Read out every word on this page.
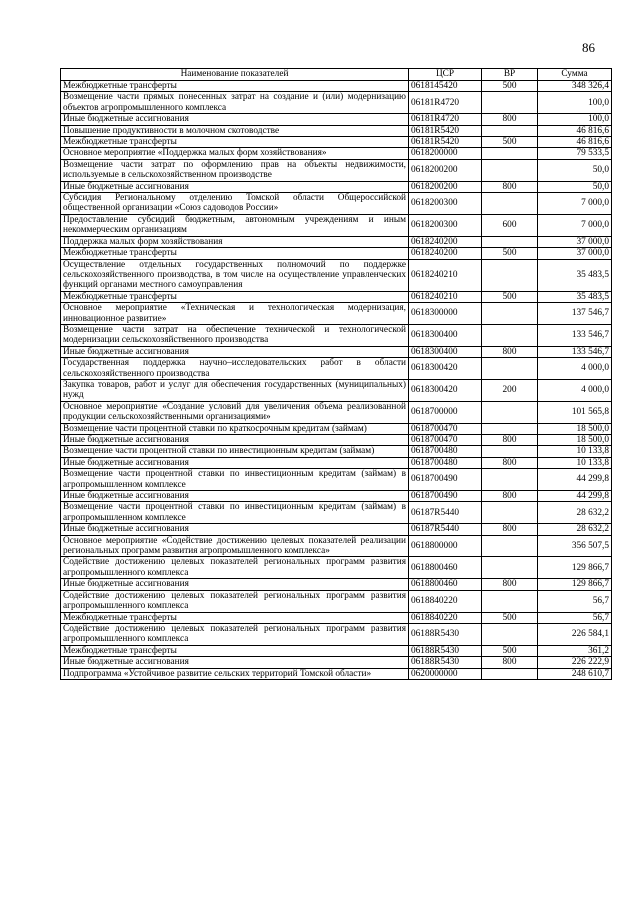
86
Наименование показателей	ЦСР	ВР	Сумма
Межбюджетные трансферты	0618145420	500	348 326,4
Возмещение части прямых понесенных затрат на создание и (или) модернизацию объектов агропромышленного комплекса	06181R4720		100,0
Иные бюджетные ассигнования	06181R4720	800	100,0
Повышение продуктивности в молочном скотоводстве	06181R5420		46 816,6
Межбюджетные трансферты	06181R5420	500	46 816,6
Основное мероприятие «Поддержка малых форм хозяйствования»	0618200000		79 533,5
Возмещение части затрат по оформлению прав на объекты недвижимости, используемые в сельскохозяйственном производстве	0618200200		50,0
Иные бюджетные ассигнования	0618200200	800	50,0
Субсидия Региональному отделению Томской области Общероссийской общественной организации «Союз садоводов России»	0618200300		7 000,0
Предоставление субсидий бюджетным, автономным учреждениям и иным некоммерческим организациям	0618200300	600	7 000,0
Поддержка малых форм хозяйствования	0618240200		37 000,0
Межбюджетные трансферты	0618240200	500	37 000,0
Осуществление отдельных государственных полномочий по поддержке сельскохозяйственного производства, в том числе на осуществление управленческих функций органами местного самоуправления	0618240210		35 483,5
Межбюджетные трансферты	0618240210	500	35 483,5
Основное мероприятие «Техническая и технологическая модернизация, инновационное развитие»	0618300000		137 546,7
Возмещение части затрат на обеспечение технической и технологической модернизации сельскохозяйственного производства	0618300400		133 546,7
Иные бюджетные ассигнования	0618300400	800	133 546,7
Государственная поддержка научно–исследовательских работ в области сельскохозяйственного производства	0618300420		4 000,0
Закупка товаров, работ и услуг для обеспечения государственных (муниципальных) нужд	0618300420	200	4 000,0
Основное мероприятие «Создание условий для увеличения объема реализованной продукции сельскохозяйственными организациями»	0618700000		101 565,8
Возмещение части процентной ставки по краткосрочным кредитам (займам)	0618700470		18 500,0
Иные бюджетные ассигнования	0618700470	800	18 500,0
Возмещение части процентной ставки по инвестиционным кредитам (займам)	0618700480		10 133,8
Иные бюджетные ассигнования	0618700480	800	10 133,8
Возмещение части процентной ставки по инвестиционным кредитам (займам) в агропромышленном комплексе	0618700490		44 299,8
Иные бюджетные ассигнования	0618700490	800	44 299,8
Возмещение части процентной ставки по инвестиционным кредитам (займам) в агропромышленном комплексе	06187R5440		28 632,2
Иные бюджетные ассигнования	06187R5440	800	28 632,2
Основное мероприятие «Содействие достижению целевых показателей реализации региональных программ развития агропромышленного комплекса»	0618800000		356 507,5
Содействие достижению целевых показателей региональных программ развития агропромышленного комплекса	0618800460		129 866,7
Иные бюджетные ассигнования	0618800460	800	129 866,7
Содействие достижению целевых показателей региональных программ развития агропромышленного комплекса	0618840220		56,7
Межбюджетные трансферты	0618840220	500	56,7
Содействие достижению целевых показателей региональных программ развития агропромышленного комплекса	06188R5430		226 584,1
Межбюджетные трансферты	06188R5430	500	361,2
Иные бюджетные ассигнования	06188R5430	800	226 222,9
Подпрограмма «Устойчивое развитие сельских территорий Томской области»	0620000000		248 610,7
